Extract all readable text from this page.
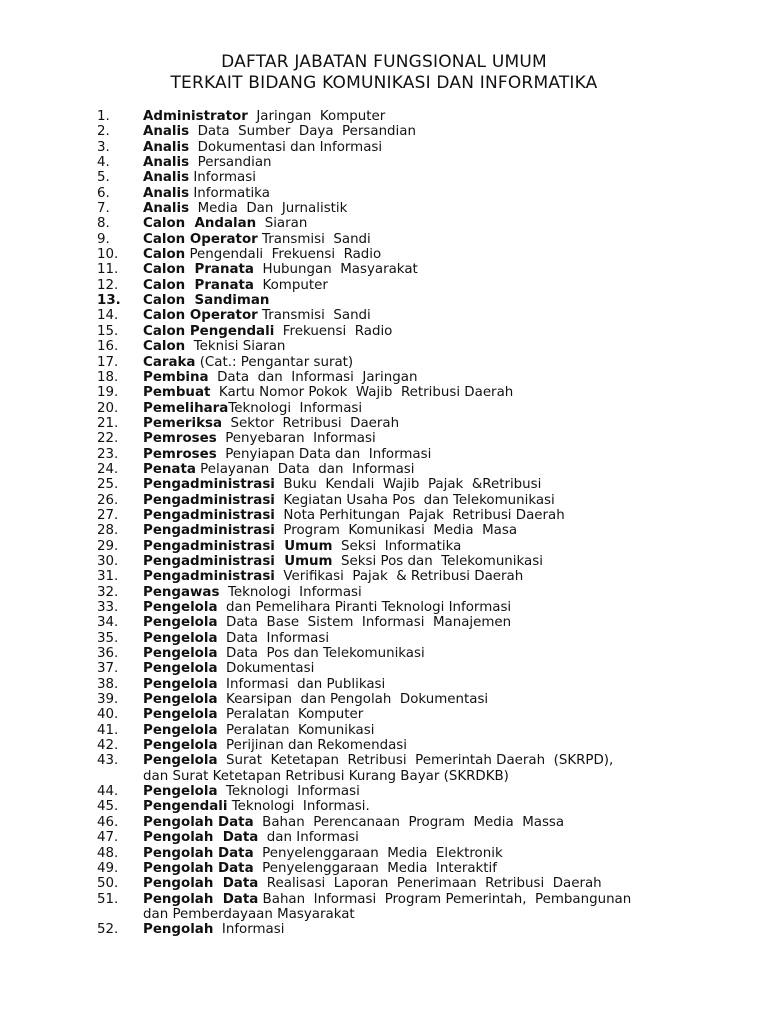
DAFTAR JABATAN FUNGSIONAL UMUM
TERKAIT BIDANG KOMUNIKASI DAN INFORMATIKA
1.	Administrator  Jaringan  Komputer
2.	Analis  Data  Sumber  Daya  Persandian
3.	Analis  Dokumentasi dan Informasi
4.	Analis  Persandian
5.	Analis Informasi
6.	Analis Informatika
7.	Analis  Media  Dan  Jurnalistik
8.	Calon  Andalan  Siaran
9.	Calon Operator Transmisi  Sandi
10.	Calon Pengendali  Frekuensi  Radio
11.	Calon  Pranata  Hubungan  Masyarakat
12.	Calon  Pranata  Komputer
13.	Calon  Sandiman
14.	Calon Operator Transmisi  Sandi
15.	Calon Pengendali  Frekuensi  Radio
16.	Calon  Teknisi Siaran
17.	Caraka (Cat.: Pengantar surat)
18.	Pembina  Data  dan  Informasi  Jaringan
19.	Pembuat  Kartu Nomor Pokok  Wajib  Retribusi Daerah
20.	PemeliharaTeknologi  Informasi
21.	Pemeriksa  Sektor  Retribusi  Daerah
22.	Pemroses  Penyebaran  Informasi
23.	Pemroses  Penyiapan Data dan  Informasi
24.	Penata Pelayanan  Data  dan  Informasi
25.	Pengadministrasi  Buku  Kendali  Wajib  Pajak  &Retribusi
26.	Pengadministrasi  Kegiatan Usaha Pos  dan Telekomunikasi
27.	Pengadministrasi  Nota Perhitungan  Pajak  Retribusi Daerah
28.	Pengadministrasi  Program  Komunikasi  Media  Masa
29.	Pengadministrasi  Umum  Seksi  Informatika
30.	Pengadministrasi  Umum  Seksi Pos dan  Telekomunikasi
31.	Pengadministrasi  Verifikasi  Pajak  & Retribusi Daerah
32.	Pengawas  Teknologi  Informasi
33.	Pengelola  dan Pemelihara Piranti Teknologi Informasi
34.	Pengelola  Data  Base  Sistem  Informasi  Manajemen
35.	Pengelola  Data  Informasi
36.	Pengelola  Data  Pos dan Telekomunikasi
37.	Pengelola  Dokumentasi
38.	Pengelola  Informasi  dan Publikasi
39.	Pengelola  Kearsipan  dan Pengolah  Dokumentasi
40.	Pengelola  Peralatan  Komputer
41.	Pengelola  Peralatan  Komunikasi
42.	Pengelola  Perijinan dan Rekomendasi
43.	Pengelola  Surat  Ketetapan  Retribusi  Pemerintah Daerah  (SKRPD),
dan Surat Ketetapan Retribusi Kurang Bayar (SKRDKB)
44.	Pengelola  Teknologi  Informasi
45.	Pengendali Teknologi  Informasi.
46.	Pengolah Data  Bahan  Perencanaan  Program  Media  Massa
47.	Pengolah  Data  dan Informasi
48.	Pengolah Data  Penyelenggaraan  Media  Elektronik
49.	Pengolah Data  Penyelenggaraan  Media  Interaktif
50.	Pengolah  Data  Realisasi  Laporan  Penerimaan  Retribusi  Daerah
51.	Pengolah  Data Bahan  Informasi  Program Pemerintah,  Pembangunan
dan Pemberdayaan Masyarakat
52.	Pengolah  Informasi
